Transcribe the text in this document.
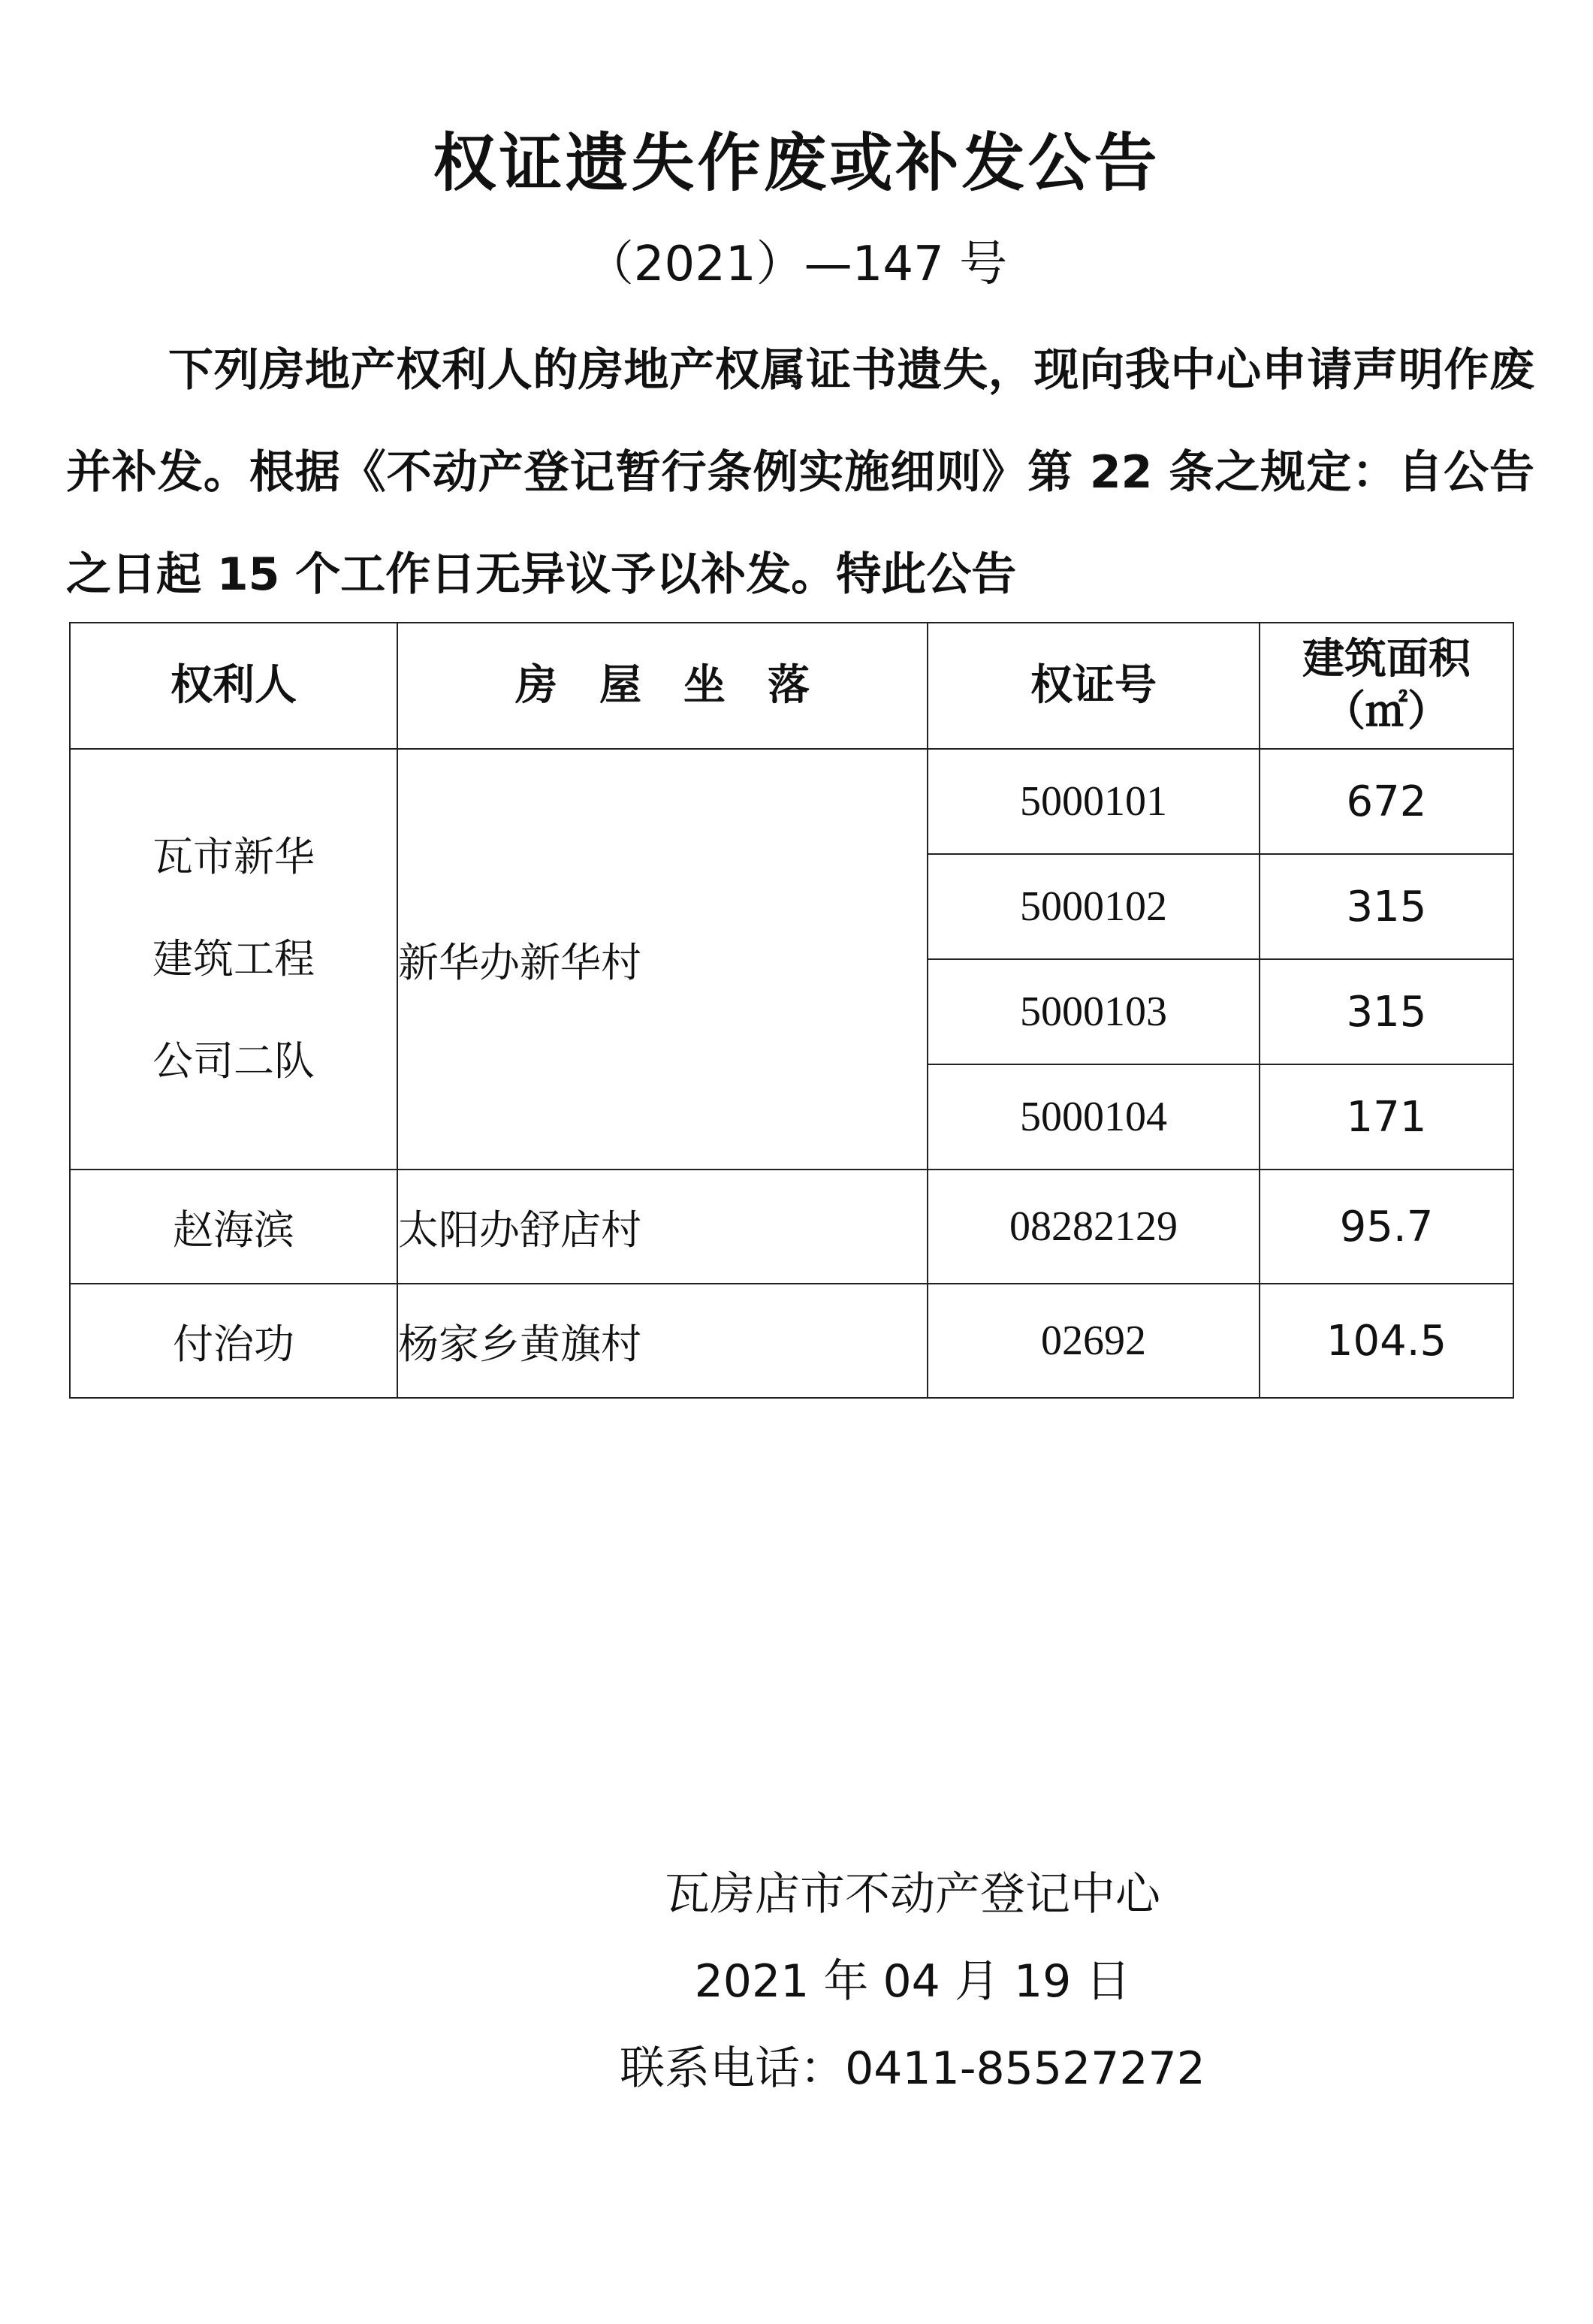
权证遗失作废或补发公告
（2021）—147 号

下列房地产权利人的房地产权属证书遗失，现向我中心申请声明作废并补发。根据《不动产登记暂行条例实施细则》第 22 条之规定：自公告之日起 15 个工作日无异议予以补发。特此公告

权利人	房屋坐落	权证号	建筑面积
（㎡）

瓦市新华
建筑工程
公司二队	新华办新华村	5000101	672
		5000102	315
		5000103	315
		5000104	171
赵海滨	太阳办舒店村	08282129	95.7
付治功	杨家乡黄旗村	02692	104.5
瓦房店市不动产登记中心
2021 年 04 月 19 日
联系电话：0411-85527272
